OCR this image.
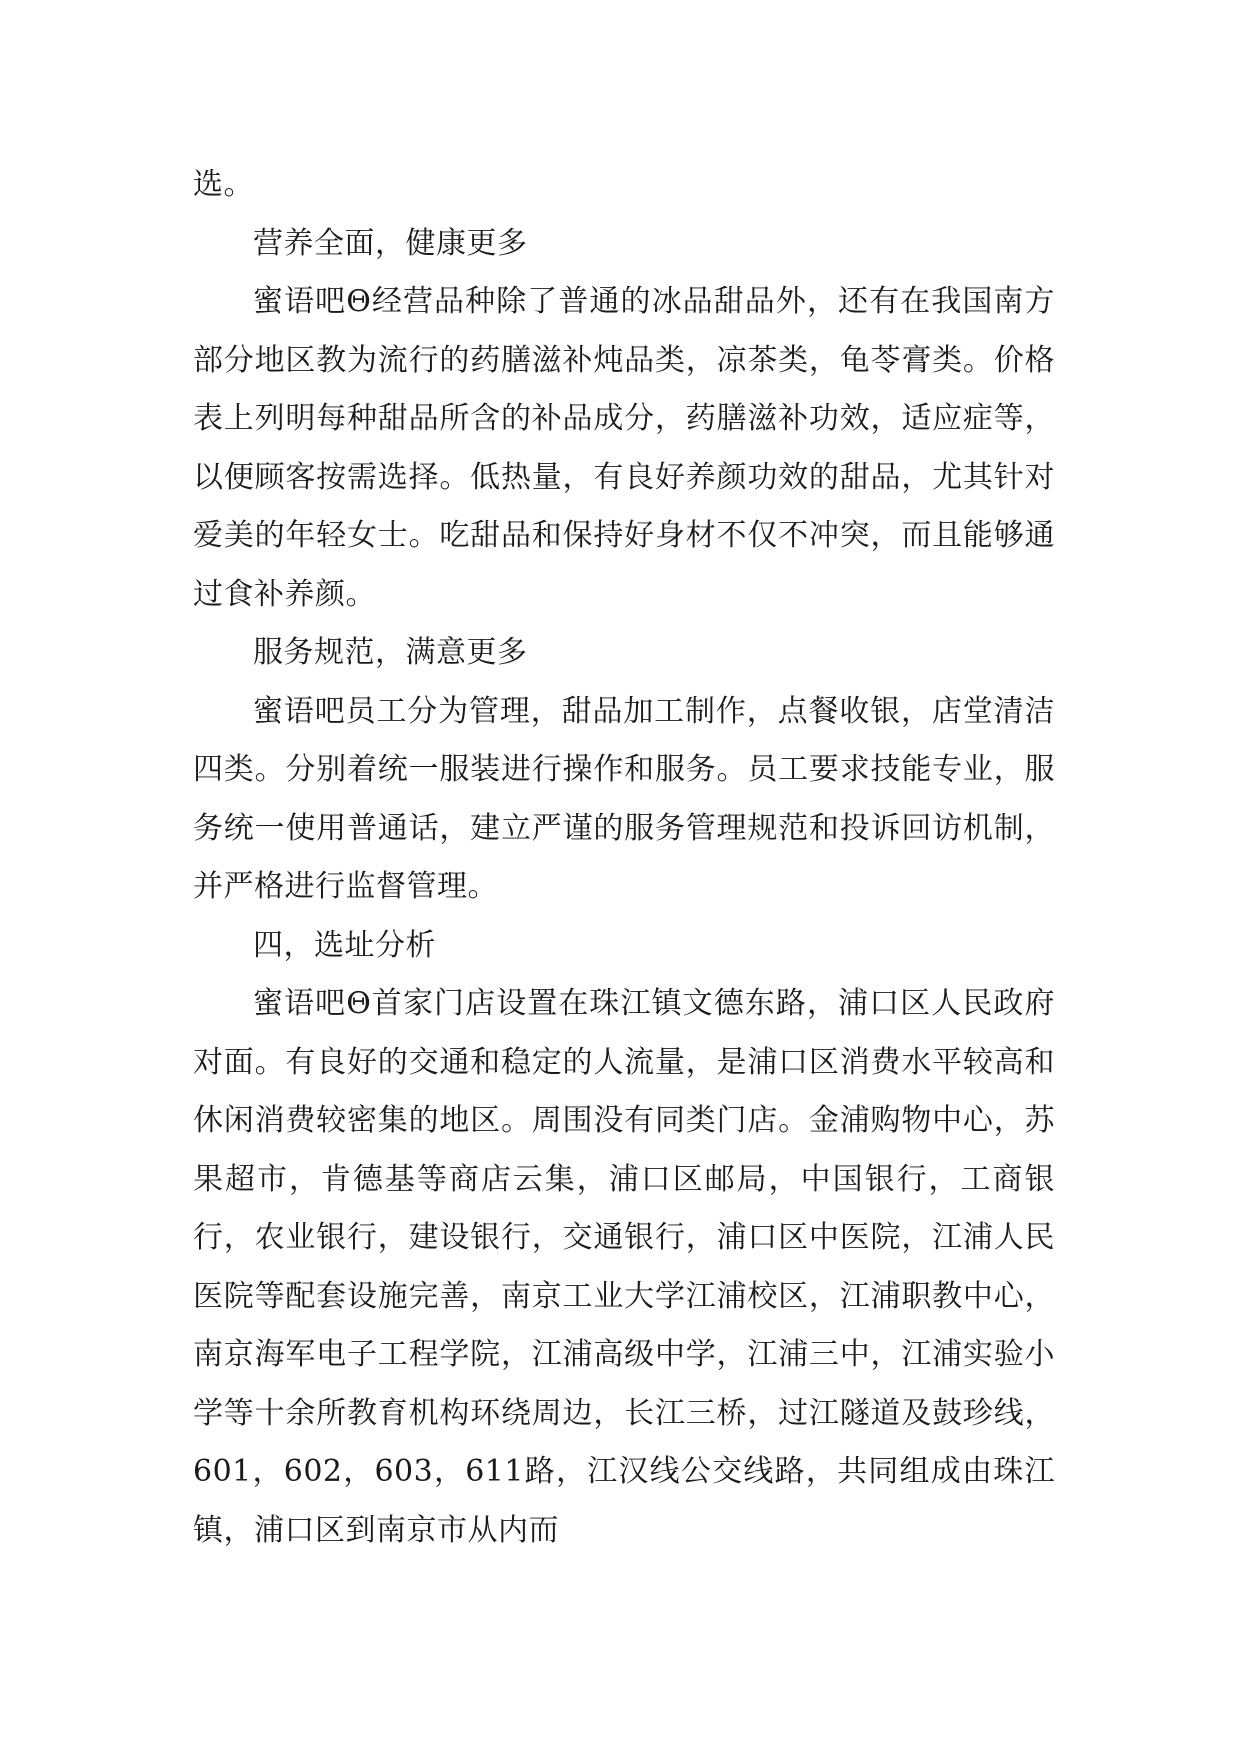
选。

营养全面，健康更多

蜜语吧Θ经营品种除了普通的冰品甜品外，还有在我国南方部分地区教为流行的药膳滋补炖品类，凉茶类，龟苓膏类。价格表上列明每种甜品所含的补品成分，药膳滋补功效，适应症等，以便顾客按需选择。低热量，有良好养颜功效的甜品，尤其针对爱美的年轻女士。吃甜品和保持好身材不仅不冲突，而且能够通过食补养颜。

服务规范，满意更多

蜜语吧员工分为管理，甜品加工制作，点餐收银，店堂清洁四类。分别着统一服装进行操作和服务。员工要求技能专业，服务统一使用普通话，建立严谨的服务管理规范和投诉回访机制，并严格进行监督管理。

四，选址分析

蜜语吧Θ首家门店设置在珠江镇文德东路，浦口区人民政府对面。有良好的交通和稳定的人流量，是浦口区消费水平较高和休闲消费较密集的地区。周围没有同类门店。金浦购物中心，苏果超市，肯德基等商店云集，浦口区邮局，中国银行，工商银行，农业银行，建设银行，交通银行，浦口区中医院，江浦人民医院等配套设施完善，南京工业大学江浦校区，江浦职教中心，南京海军电子工程学院，江浦高级中学，江浦三中，江浦实验小学等十余所教育机构环绕周边，长江三桥，过江隧道及鼓珍线，601，602，603，611路，江汉线公交线路，共同组成由珠江镇，浦口区到南京市从内而
